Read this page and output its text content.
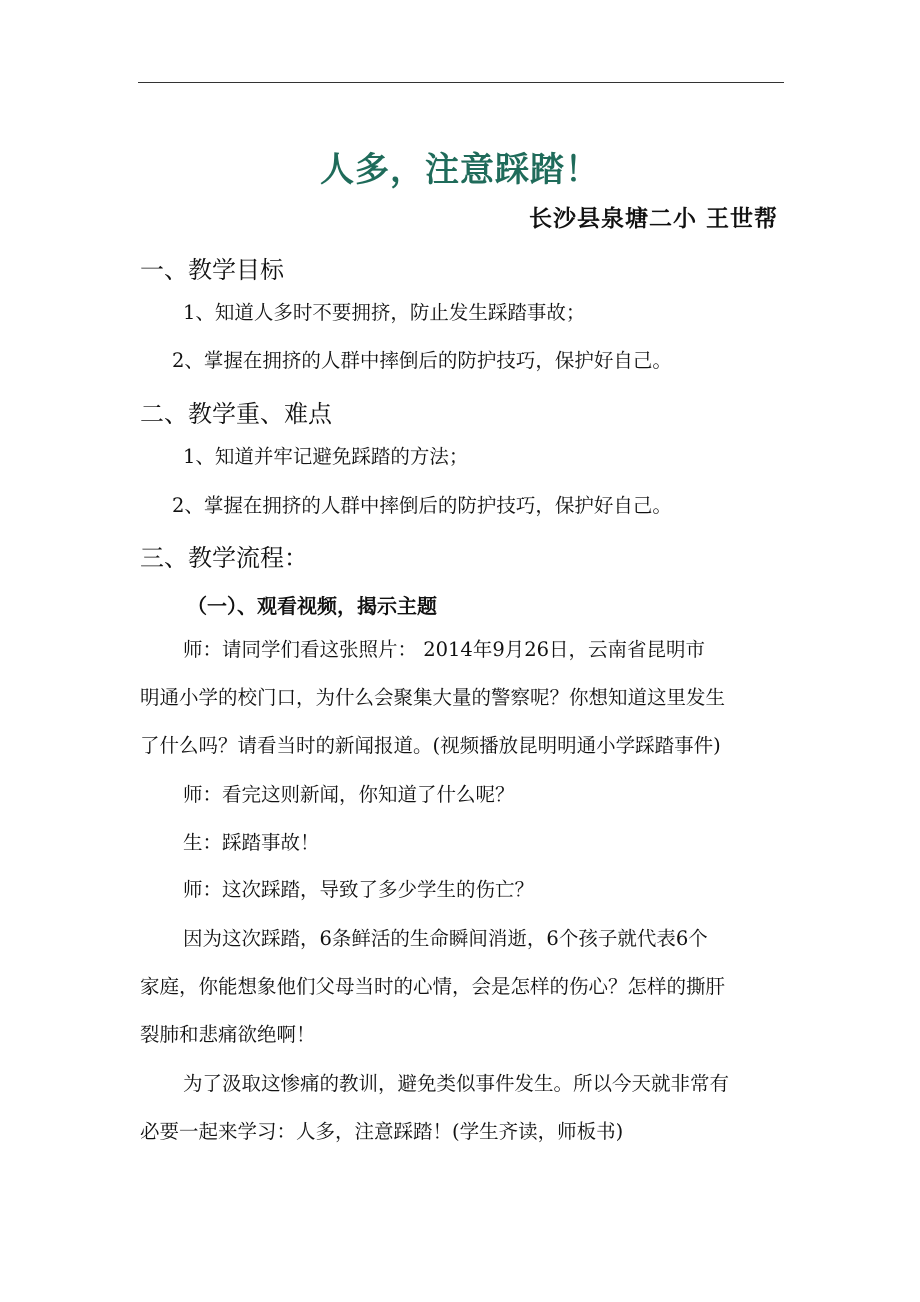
人多，注意踩踏！
长沙县泉塘二小 王世帮
一、教学目标
1、知道人多时不要拥挤，防止发生踩踏事故；
2、掌握在拥挤的人群中摔倒后的防护技巧，保护好自己。
二、教学重、难点
1、知道并牢记避免踩踏的方法；
2、掌握在拥挤的人群中摔倒后的防护技巧，保护好自己。
三、教学流程：
（一）、观看视频，揭示主题
师：请同学们看这张照片： 2014年9月26日，云南省昆明市
明通小学的校门口，为什么会聚集大量的警察呢？你想知道这里发生
了什么吗？请看当时的新闻报道。(视频播放昆明明通小学踩踏事件)
师：看完这则新闻，你知道了什么呢？
生：踩踏事故！
师：这次踩踏，导致了多少学生的伤亡？
因为这次踩踏，6条鲜活的生命瞬间消逝，6个孩子就代表6个
家庭，你能想象他们父母当时的心情，会是怎样的伤心？怎样的撕肝
裂肺和悲痛欲绝啊！
为了汲取这惨痛的教训，避免类似事件发生。所以今天就非常有
必要一起来学习：人多，注意踩踏！(学生齐读，师板书)
